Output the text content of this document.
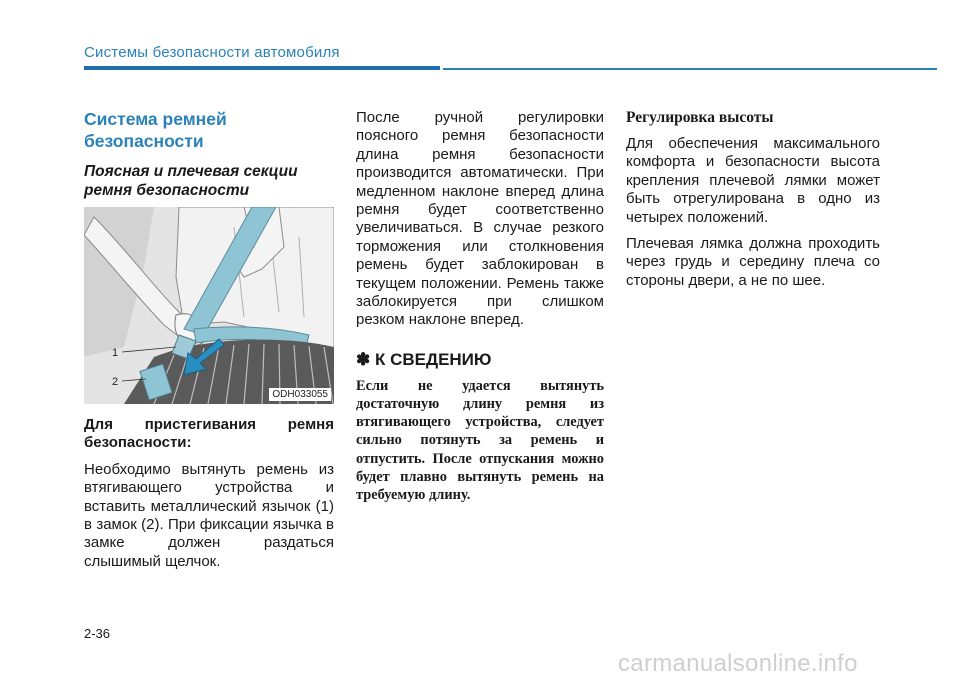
Системы безопасности автомобиля
Система ремней безопасности
Поясная и плечевая секции ремня безопасности
1
2
ODH033055

Для пристегивания ремня безопасности:

Необходимо вытянуть ремень из втягивающего устройства и вставить металлический язычок (1) в замок (2). При фиксации язычка в замке должен раздаться слышимый щелчок.

После ручной регулировки поясного ремня безопасности длина ремня безопасности производится автоматически. При медленном наклоне вперед длина ремня будет соответственно увеличиваться. В случае резкого торможения или столкновения ремень будет заблокирован в текущем положении. Ремень также заблокируется при слишком резком наклоне вперед.

✽ К СВЕДЕНИЮ

Если не удается вытянуть достаточную длину ремня из втягивающего устройства, следует сильно потянуть за ремень и отпустить. После отпускания можно будет плавно вытянуть ремень на требуемую длину.

Регулировка высоты

Для обеспечения максимального комфорта и безопасности высота крепления плечевой лямки может быть отрегулирована в одно из четырех положений.

Плечевая лямка должна проходить через грудь и середину плеча со стороны двери, а не по шее.

2-36
carmanualsonline.info
